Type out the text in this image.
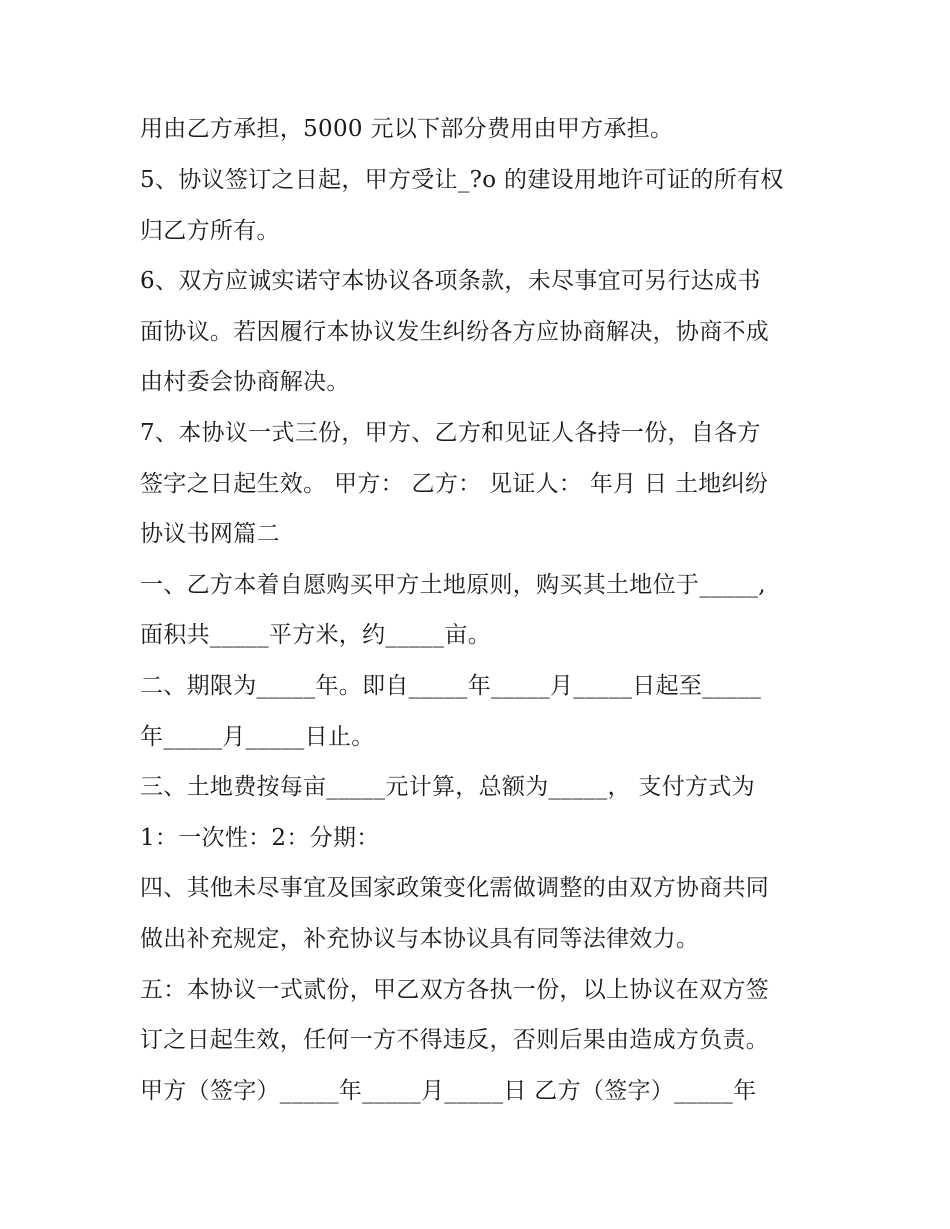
用由乙方承担，5000 元以下部分费用由甲方承担。
5、协议签订之日起，甲方受让_?o 的建设用地许可证的所有权
归乙方所有。
6、双方应诚实诺守本协议各项条款，未尽事宜可另行达成书
面协议。若因履行本协议发生纠纷各方应协商解决，协商不成
由村委会协商解决。
7、本协议一式三份，甲方、乙方和见证人各持一份，自各方
签字之日起生效。 甲方： 乙方： 见证人： 年月 日 土地纠纷
协议书网篇二
一、乙方本着自愿购买甲方土地原则，购买其土地位于_____,
面积共_____平方米，约_____亩。
二、期限为_____年。即自_____年_____月_____日起至_____
年_____月_____日止。
三、土地费按每亩_____元计算，总额为_____， 支付方式为
1：一次性：2：分期：
四、其他未尽事宜及国家政策变化需做调整的由双方协商共同
做出补充规定，补充协议与本协议具有同等法律效力。
五：本协议一式贰份，甲乙双方各执一份，以上协议在双方签
订之日起生效，任何一方不得违反，否则后果由造成方负责。
甲方（签字）_____年_____月_____日 乙方（签字）_____年
